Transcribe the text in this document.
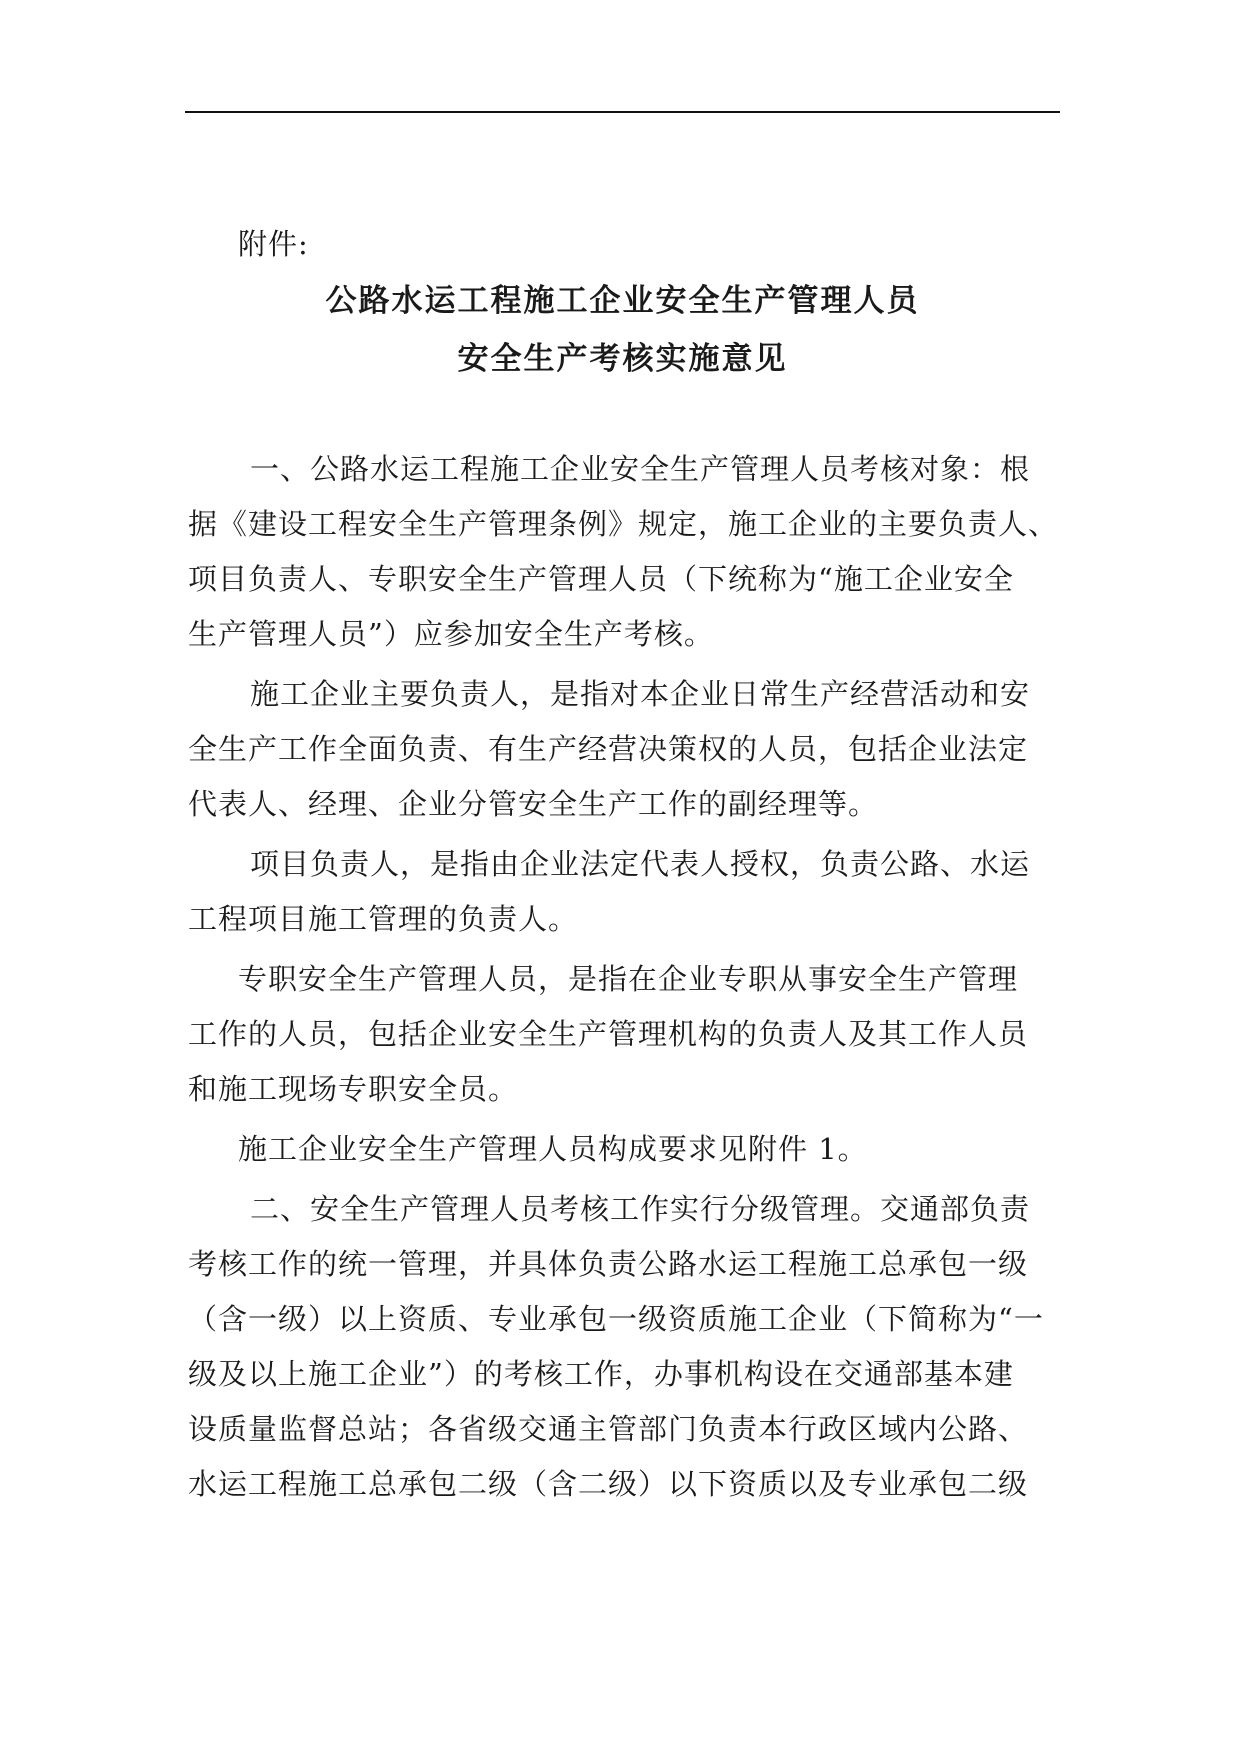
附件:
公路水运工程施工企业安全生产管理人员
安全生产考核实施意见
一、公路水运工程施工企业安全生产管理人员考核对象：根
据《建设工程安全生产管理条例》规定，施工企业的主要负责人、
项目负责人、专职安全生产管理人员（下统称为“施工企业安全
生产管理人员”）应参加安全生产考核。
施工企业主要负责人，是指对本企业日常生产经营活动和安
全生产工作全面负责、有生产经营决策权的人员，包括企业法定
代表人、经理、企业分管安全生产工作的副经理等。
项目负责人，是指由企业法定代表人授权，负责公路、水运
工程项目施工管理的负责人。
专职安全生产管理人员，是指在企业专职从事安全生产管理
工作的人员，包括企业安全生产管理机构的负责人及其工作人员
和施工现场专职安全员。
施工企业安全生产管理人员构成要求见附件 1。
二、安全生产管理人员考核工作实行分级管理。交通部负责
考核工作的统一管理，并具体负责公路水运工程施工总承包一级
（含一级）以上资质、专业承包一级资质施工企业（下简称为“一
级及以上施工企业”）的考核工作，办事机构设在交通部基本建
设质量监督总站；各省级交通主管部门负责本行政区域内公路、
水运工程施工总承包二级（含二级）以下资质以及专业承包二级
